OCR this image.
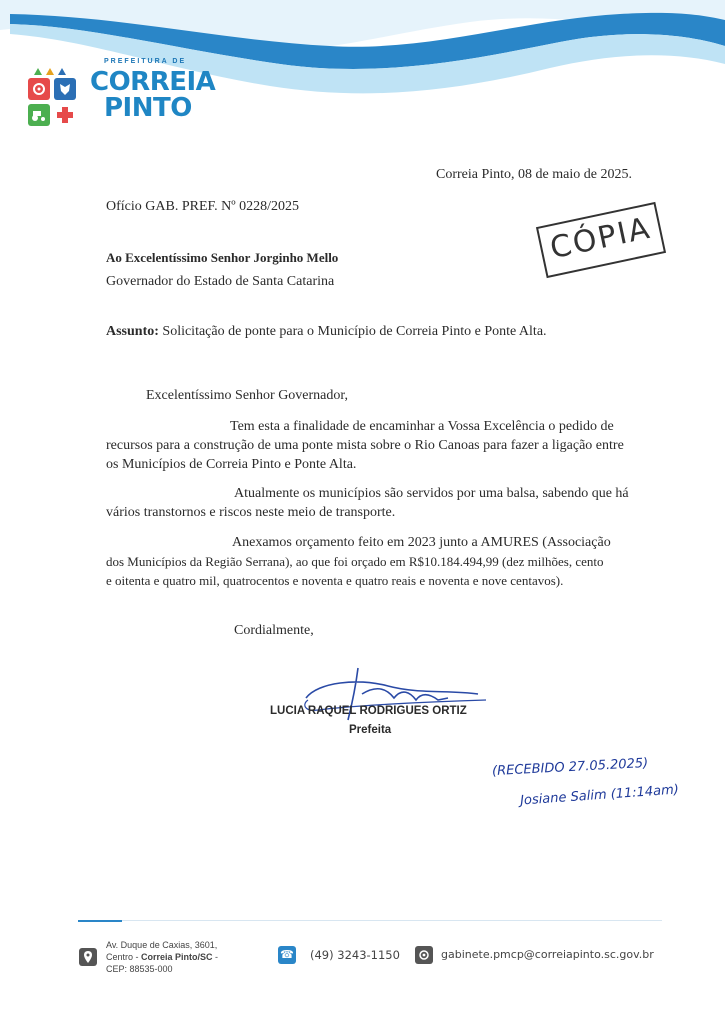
PREFEITURA DE
CORREIA
PINTO
Correia Pinto, 08 de maio de 2025.
Ofício GAB. PREF. Nº 0228/2025
CÓPIA
Ao Excelentíssimo Senhor Jorginho Mello
Governador do Estado de Santa Catarina
Assunto: Solicitação de ponte para o Município de Correia Pinto e Ponte Alta.
Excelentíssimo Senhor Governador,
Tem esta a finalidade de encaminhar a Vossa Excelência o pedido de
recursos para a construção de uma ponte mista sobre o Rio Canoas para fazer a ligação entre
os Municípios de Correia Pinto e Ponte Alta.
Atualmente os municípios são servidos por uma balsa, sabendo que há
vários transtornos e riscos neste meio de transporte.
Anexamos orçamento feito em 2023 junto a AMURES (Associação
dos Municípios da Região Serrana), ao que foi orçado em R$10.184.494,99 (dez milhões, cento
e oitenta e quatro mil, quatrocentos e noventa e quatro reais e noventa e nove centavos).
Cordialmente,
LUCIA RAQUEL RODRIGUES ORTIZ
Prefeita
(RECEBIDO 27.05.2025)
Josiane Salim (11:14am)
Av. Duque de Caxias, 3601,
Centro - Correia Pinto/SC -
CEP: 88535-000
☎ (49) 3243-1150	gabinete.pmcp@correiapinto.sc.gov.br
